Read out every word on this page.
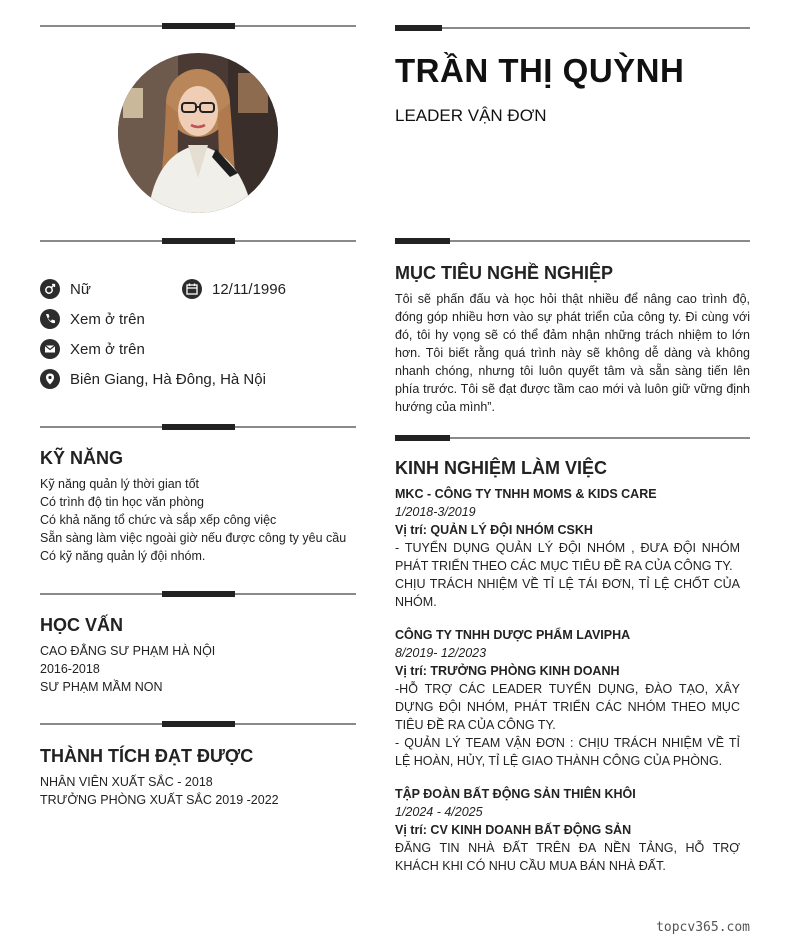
TRẦN THỊ QUỲNH
LEADER VẬN ĐƠN
Nữ	12/11/1996
Xem ở trên
Xem ở trên
Biên Giang, Hà Đông, Hà Nội
KỸ NĂNG
Kỹ năng quản lý thời gian tốt
Có trình độ tin học văn phòng
Có khả năng tổ chức và sắp xếp công việc
Sẵn sàng làm việc ngoài giờ nếu được công ty yêu cầu
Có kỹ năng quản lý đội nhóm.
HỌC VẤN
CAO ĐẲNG SƯ PHẠM HÀ NỘI
2016-2018
SƯ PHẠM MẦM NON
THÀNH TÍCH ĐẠT ĐƯỢC
NHÂN VIÊN XUẤT SẮC - 2018
TRƯỞNG PHÒNG XUẤT SẮC 2019 -2022
MỤC TIÊU NGHỀ NGHIỆP
Tôi sẽ phấn đấu và học hỏi thật nhiều để nâng cao trình độ, đóng góp nhiều hơn vào sự phát triển của công ty. Đi cùng với đó, tôi hy vọng sẽ có thể đảm nhận những trách nhiệm to lớn hơn. Tôi biết rằng quá trình này sẽ không dễ dàng và không nhanh chóng, nhưng tôi luôn quyết tâm và sẵn sàng tiến lên phía trước. Tôi sẽ đạt được tầm cao mới và luôn giữ vững định hướng của mình”.
KINH NGHIỆM LÀM VIỆC
MKC - CÔNG TY TNHH MOMS & KIDS CARE
1/2018-3/2019
Vị trí: QUẢN LÝ ĐỘI NHÓM CSKH
- TUYỂN DỤNG QUẢN LÝ ĐỘI NHÓM , ĐƯA ĐỘI NHÓM PHÁT TRIỂN THEO CÁC MỤC TIÊU ĐỀ RA CỦA CÔNG TY.
CHỊU TRÁCH NHIỆM VỀ TỈ LỆ TÁI ĐƠN, TỈ LỆ CHỐT CỦA NHÓM.
CÔNG TY TNHH DƯỢC PHẨM LAVIPHA
8/2019- 12/2023
Vị trí: TRƯỞNG PHÒNG KINH DOANH
-HỖ TRỢ CÁC LEADER TUYỂN DỤNG, ĐÀO TẠO, XÂY DỰNG ĐỘI NHÓM, PHÁT TRIỂN CÁC NHÓM THEO MỤC TIÊU ĐỀ RA CỦA CÔNG TY.
- QUẢN LÝ TEAM VẬN ĐƠN : CHỊU TRÁCH NHIỆM VỀ TỈ LỆ HOÀN, HỦY, TỈ LỆ GIAO THÀNH CÔNG CỦA PHÒNG.
TẬP ĐOÀN BẤT ĐỘNG SẢN THIÊN KHÔI
1/2024 - 4/2025
Vị trí: CV KINH DOANH BẤT ĐỘNG SẢN
ĐĂNG TIN NHÀ ĐẤT TRÊN ĐA NỀN TẢNG, HỖ TRỢ KHÁCH KHI CÓ NHU CẦU MUA BÁN NHÀ ĐẤT.
topcv365.com
